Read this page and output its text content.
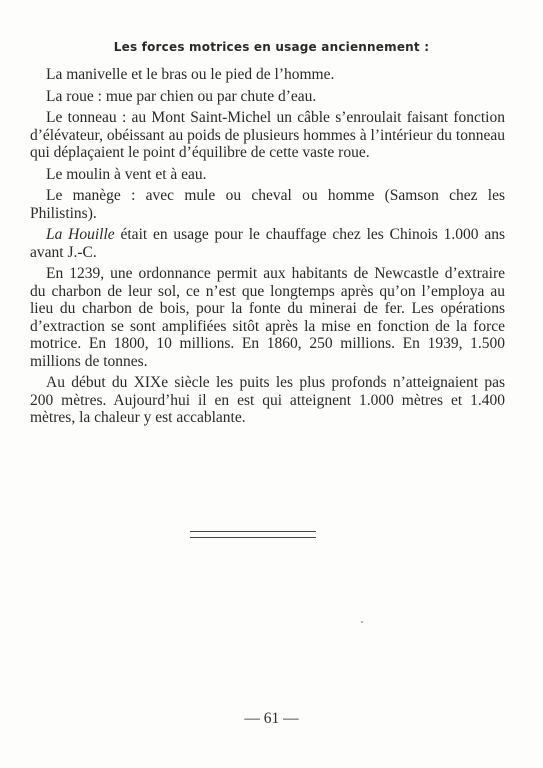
Les forces motrices en usage anciennement :

La manivelle et le bras ou le pied de l’homme.

La roue : mue par chien ou par chute d’eau.

Le tonneau : au Mont Saint-Michel un câble s’enroulait faisant fonction d’élévateur, obéissant au poids de plusieurs hommes à l’intérieur du tonneau qui déplaçaient le point d’équilibre de cette vaste roue.

Le moulin à vent et à eau.

Le manège : avec mule ou cheval ou homme (Samson chez les Philistins).

La Houille était en usage pour le chauffage chez les Chinois 1.000 ans avant J.-C.

En 1239, une ordonnance permit aux habitants de Newcastle d’extraire du charbon de leur sol, ce n’est que longtemps après qu’on l’employa au lieu du charbon de bois, pour la fonte du minerai de fer. Les opérations d’extraction se sont amplifiées sitôt après la mise en fonction de la force motrice. En 1800, 10 millions. En 1860, 250 millions. En 1939, 1.500 millions de tonnes.

Au début du XIXe siècle les puits les plus profonds n’atteignaient pas 200 mètres. Aujourd’hui il en est qui atteignent 1.000 mètres et 1.400 mètres, la chaleur y est accablante.

— 61 —
